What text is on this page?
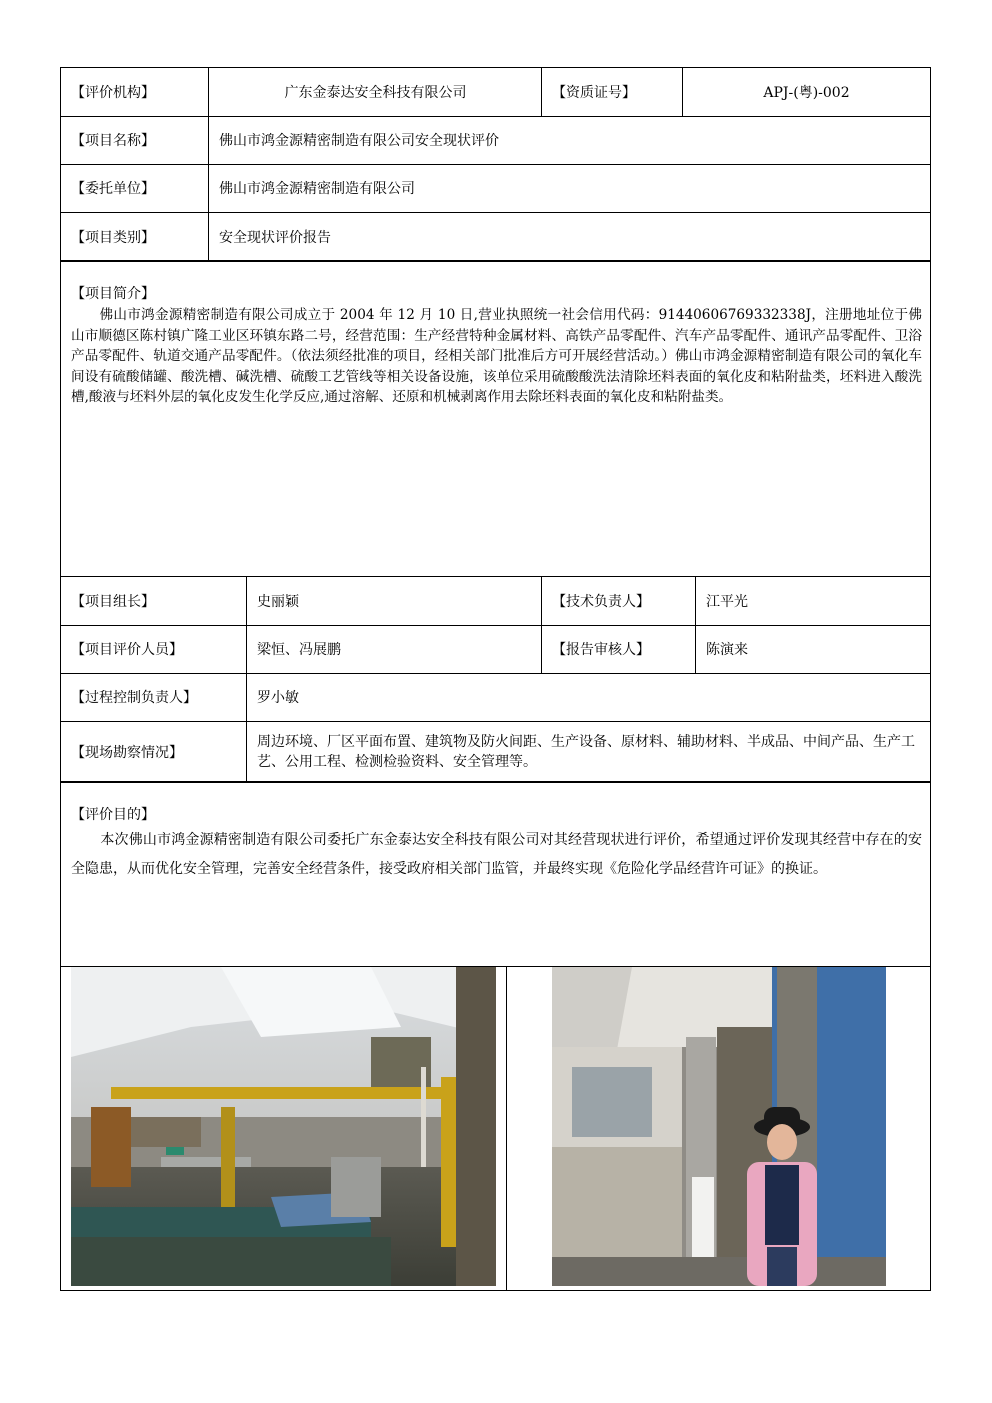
【评价机构】	广东金泰达安全科技有限公司	【资质证号】	APJ-(粤)-002
【项目名称】	佛山市鸿金源精密制造有限公司安全现状评价
【委托单位】	佛山市鸿金源精密制造有限公司
【项目类别】	安全现状评价报告
【项目简介】
佛山市鸿金源精密制造有限公司成立于 2004 年 12 月 10 日,营业执照统一社会信用代码：91440606769332338J，注册地址位于佛山市顺德区陈村镇广隆工业区环镇东路二号，经营范围：生产经营特种金属材料、高铁产品零配件、汽车产品零配件、通讯产品零配件、卫浴产品零配件、轨道交通产品零配件。（依法须经批准的项目，经相关部门批准后方可开展经营活动。）佛山市鸿金源精密制造有限公司的氧化车间设有硫酸储罐、酸洗槽、碱洗槽、硫酸工艺管线等相关设备设施，该单位采用硫酸酸洗法清除坯料表面的氧化皮和粘附盐类，坯料进入酸洗槽,酸液与坯料外层的氧化皮发生化学反应,通过溶解、还原和机械剥离作用去除坯料表面的氧化皮和粘附盐类。
【项目组长】	史丽颖	【技术负责人】	江平光
【项目评价人员】	梁恒、冯展鹏	【报告审核人】	陈演来
【过程控制负责人】	罗小敏
【现场勘察情况】
周边环境、厂区平面布置、建筑物及防火间距、生产设备、原材料、辅助材料、半成品、中间产品、生产工艺、公用工程、检测检验资料、安全管理等。
【评价目的】
本次佛山市鸿金源精密制造有限公司委托广东金泰达安全科技有限公司对其经营现状进行评价，希望通过评价发现其经营中存在的安全隐患，从而优化安全管理，完善安全经营条件，接受政府相关部门监管，并最终实现《危险化学品经营许可证》的换证。
